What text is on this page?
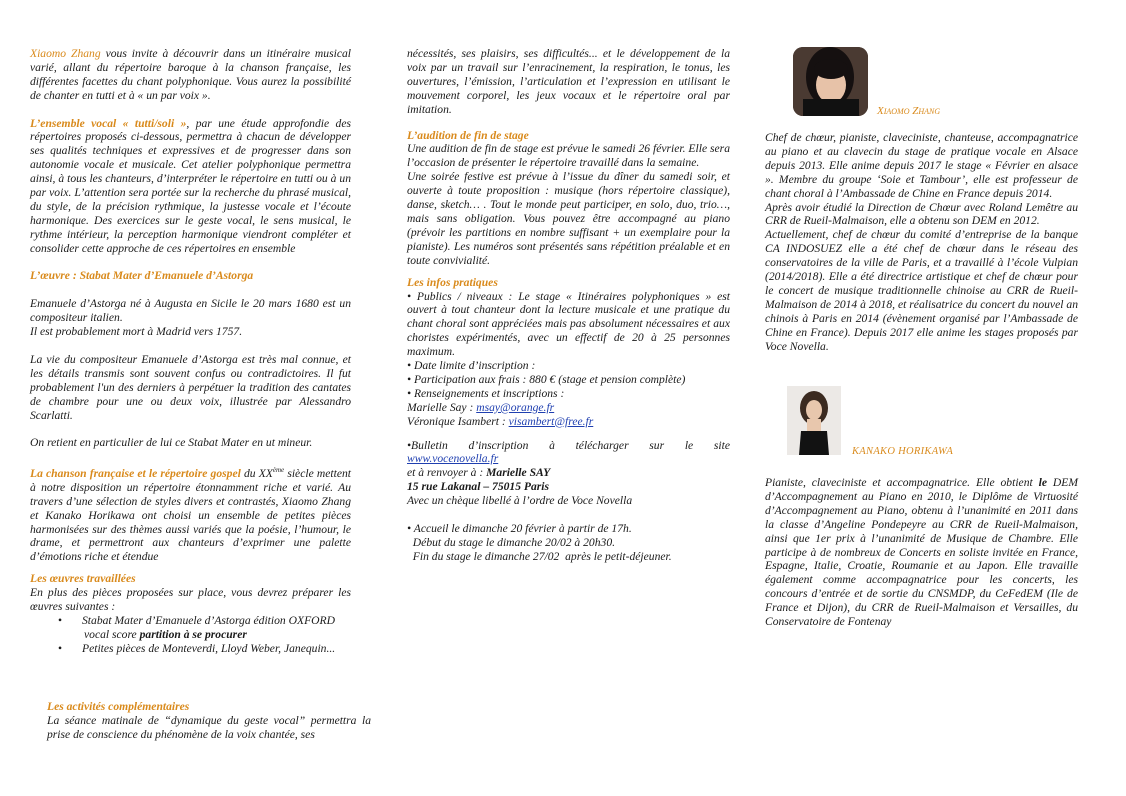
Xiaomo Zhang vous invite à découvrir dans un itinéraire musical varié, allant du répertoire baroque à la chanson française, les différentes facettes du chant polyphonique. Vous aurez la possibilité de chanter en tutti et à « un par voix ».

L’ensemble vocal « tutti/soli », par une étude approfondie des répertoires proposés ci-dessous, permettra à chacun de développer ses qualités techniques et expressives et de progresser dans son autonomie vocale et musicale. Cet atelier polyphonique permettra ainsi, à tous les chanteurs, d’interpréter le répertoire en tutti ou à un par voix. L’attention sera portée sur la recherche du phrasé musical, du style, de la précision rythmique, la justesse vocale et l’écoute harmonique. Des exercices sur le geste vocal, le sens musical, le rythme intérieur, la perception harmonique viendront compléter et consolider cette approche de ces répertoires en ensemble

L’œuvre : Stabat Mater d’Emanuele d’Astorga

Emanuele d’Astorga né à Augusta en Sicile le 20 mars 1680 est un compositeur italien.

Il est probablement mort à Madrid vers 1757.

La vie du compositeur Emanuele d’Astorga est très mal connue, et les détails transmis sont souvent confus ou contradictoires. Il fut probablement l'un des derniers à perpétuer la tradition des cantates de chambre pour une ou deux voix, illustrée par Alessandro Scarlatti.

On retient en particulier de lui ce Stabat Mater en ut mineur.

La chanson française et le répertoire gospel du XXème siècle mettent à notre disposition un répertoire étonnamment riche et varié. Au travers d’une sélection de styles divers et contrastés, Xiaomo Zhang et Kanako Horikawa ont choisi un ensemble de petites pièces harmonisées sur des thèmes aussi variés que la poésie, l’humour, le drame, et permettront aux chanteurs d’exprimer une palette d’émotions riche et étendue

Les œuvres travaillées

En plus des pièces proposées sur place, vous devrez préparer les œuvres suivantes :

• Stabat Mater d’Emanuele d’Astorga édition OXFORD
vocal score partition à se procurer
• Petites pièces de Monteverdi, Lloyd Weber, Janequin...

Les activités complémentaires

La séance matinale de “dynamique du geste vocal” permettra la prise de conscience du phénomène de la voix chantée, ses

nécessités, ses plaisirs, ses difficultés... et le développement de la voix par un travail sur l’enracinement, la respiration, le tonus, les ouvertures, l’émission, l’articulation et l’expression en utilisant le mouvement corporel, les jeux vocaux et le répertoire oral par imitation.

L’audition de fin de stage

Une audition de fin de stage est prévue le samedi 26 février. Elle sera l’occasion de présenter le répertoire travaillé dans la semaine.

Une soirée festive est prévue à l’issue du dîner du samedi soir, et ouverte à toute proposition : musique (hors répertoire classique), danse, sketch… . Tout le monde peut participer, en solo, duo, trio…, mais sans obligation. Vous pouvez être accompagné au piano (prévoir les partitions en nombre suffisant + un exemplaire pour la pianiste). Les numéros sont présentés sans répétition préalable et en toute convivialité.

Les infos pratiques

• Publics / niveaux : Le stage « Itinéraires polyphoniques » est ouvert à tout chanteur dont la lecture musicale et une pratique du chant choral sont appréciées mais pas absolument nécessaires et aux choristes expérimentés, avec un effectif de 20 à 25 personnes maximum.

• Date limite d’inscription :

• Participation aux frais : 880 € (stage et pension complète)

• Renseignements et inscriptions :

Marielle Say : msay@orange.fr

Véronique Isambert : visambert@free.fr

•Bulletin d’inscription à télécharger sur le site

www.vocenovella.fr

et à renvoyer à : Marielle SAY

15 rue Lakanal – 75015 Paris

Avec un chèque libellé à l’ordre de Voce Novella

• Accueil le dimanche 20 février à partir de 17h.

Début du stage le dimanche 20/02 à 20h30.

Fin du stage le dimanche 27/02  après le petit-déjeuner.

Xiaomo Zhang

Chef de chœur, pianiste, claveciniste, chanteuse, accompagnatrice au piano et au clavecin du stage de pratique vocale en Alsace depuis 2013. Elle anime depuis 2017 le stage « Février en alsace ». Membre du groupe ‘Soie et Tambour’, elle est professeur de chant choral à l’Ambassade de Chine en France depuis 2014.

Après avoir étudié la Direction de Chœur avec Roland Lemêtre au CRR de Rueil-Malmaison, elle a obtenu son DEM en 2012.

Actuellement, chef de chœur du comité d’entreprise de la banque CA INDOSUEZ elle a été chef de chœur dans le réseau des conservatoires de la ville de Paris, et a travaillé à l’école Vulpian (2014/2018). Elle a été directrice artistique et chef de chœur pour le concert de musique traditionnelle chinoise au CRR de Rueil-Malmaison de 2014 à 2018, et réalisatrice du concert du nouvel an chinois à Paris en 2014 (évènement organisé par l’Ambassade de Chine en France). Depuis 2017 elle anime les stages proposés par Voce Novella.

KANAKO HORIKAWA

Pianiste, claveciniste et accompagnatrice. Elle obtient le DEM d’Accompagnement au Piano en 2010, le Diplôme de Virtuosité d’Accompagnement au Piano, obtenu à l’unanimité en 2011 dans la classe d’Angeline Pondepeyre au CRR de Rueil-Malmaison, ainsi que 1er prix à l’unanimité de Musique de Chambre. Elle participe à de nombreux de Concerts en soliste invitée en France, Espagne, Italie, Croatie, Roumanie et au Japon. Elle travaille également comme accompagnatrice pour les concerts, les concours d’entrée et de sortie du CNSMDP, du CeFedEM (Ile de France et Dijon), du CRR de Rueil-Malmaison et Versailles, du Conservatoire de Fontenay
